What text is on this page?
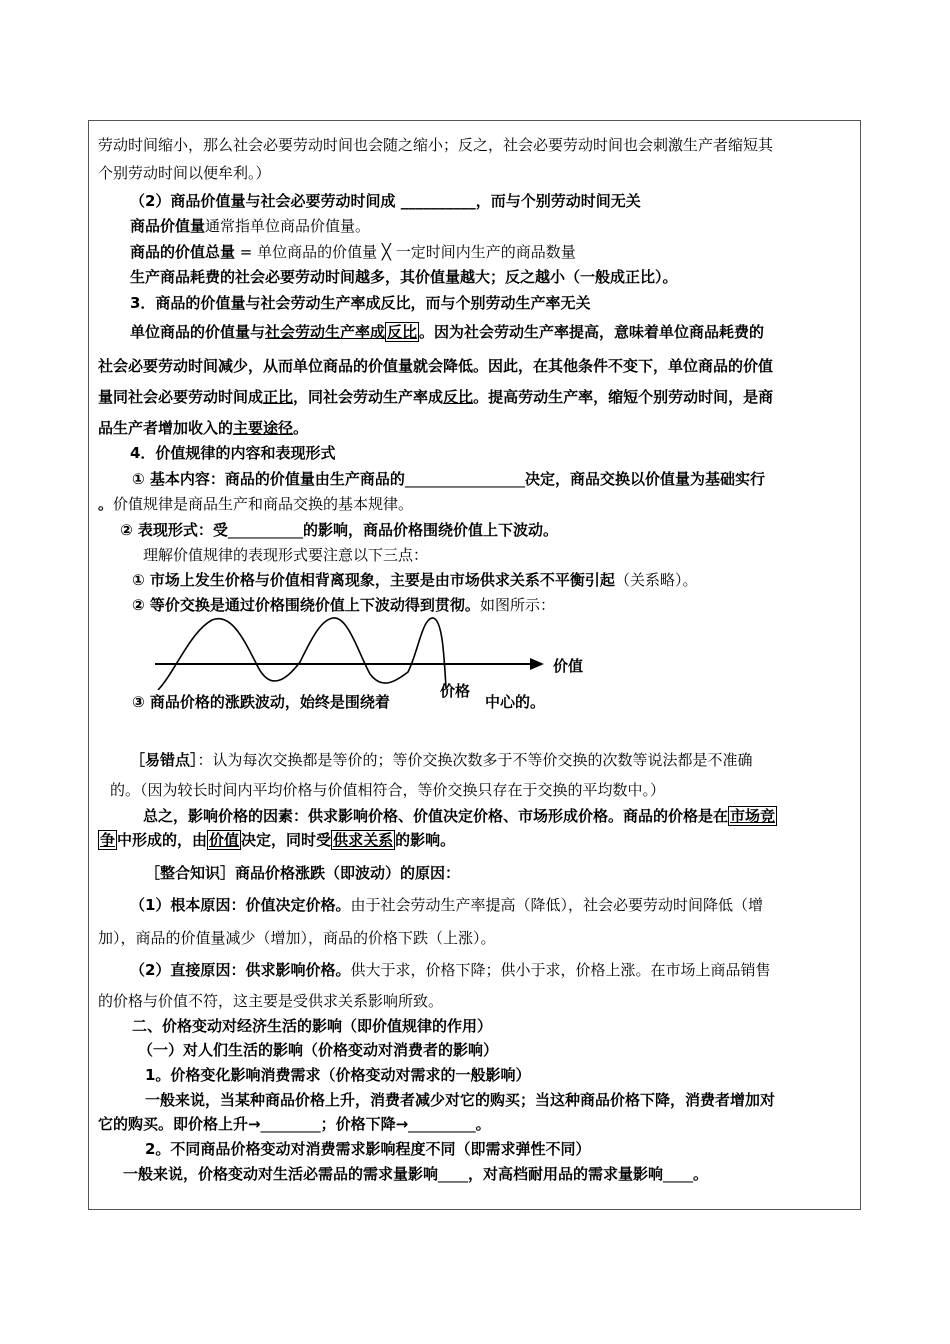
劳动时间缩小，那么社会必要劳动时间也会随之缩小；反之，社会必要劳动时间也会刺激生产者缩短其
个别劳动时间以便牟利。）
（2）商品价值量与社会必要劳动时间成 __________，而与个别劳动时间无关
商品价值量通常指单位商品价值量。
商品的价值总量 = 单位商品的价值量 ╳ 一定时间内生产的商品数量
生产商品耗费的社会必要劳动时间越多，其价值量越大；反之越小（一般成正比）。
3．商品的价值量与社会劳动生产率成反比，而与个别劳动生产率无关
单位商品的价值量与社会劳动生产率成 反比 。因为社会劳动生产率提高，意味着单位商品耗费的
社会必要劳动时间减少，从而单位商品的价值量就会降低。因此，在其他条件不变下，单位商品的价值
量同社会必要劳动时间成正比，同社会劳动生产率成反比。提高劳动生产率，缩短个别劳动时间，是商
品生产者增加收入的主要途径。
4．价值规律的内容和表现形式
① 基本内容：商品的价值量由生产商品的________________决定，商品交换以价值量为基础实行
。价值规律是商品生产和商品交换的基本规律。
② 表现形式：受__________的影响，商品价格围绕价值上下波动。
理解价值规律的表现形式要注意以下三点：
① 市场上发生价格与价值相背离现象，主要是由市场供求关系不平衡引起（关系略）。
② 等价交换是通过价格围绕价值上下波动得到贯彻。如图所示：
价值
价格
③ 商品价格的涨跌波动，始终是围绕着	中心的。
［易错点］：认为每次交换都是等价的；等价交换次数多于不等价交换的次数等说法都是不准确
的。（因为较长时间内平均价格与价值相符合，等价交换只存在于交换的平均数中。）
总之，影响价格的因素：供求影响价格、价值决定价格、市场形成价格。商品的价格是在 市场竞
争 中形成的，由 价值 决定，同时受 供求关系 的影响。
［整合知识］商品价格涨跌（即波动）的原因：
（1）根本原因：价值决定价格。由于社会劳动生产率提高（降低），社会必要劳动时间降低（增
加），商品的价值量减少（增加），商品的价格下跌（上涨）。
（2）直接原因：供求影响价格。供大于求，价格下降；供小于求，价格上涨。在市场上商品销售
的价格与价值不符，这主要是受供求关系影响所致。
二、价格变动对经济生活的影响（即价值规律的作用）
（一）对人们生活的影响（价格变动对消费者的影响）
1。价格变化影响消费需求（价格变动对需求的一般影响）
一般来说，当某种商品价格上升，消费者减少对它的购买；当这种商品价格下降，消费者增加对
它的购买。即价格上升→________；价格下降→_________。
2。不同商品价格变动对消费需求影响程度不同（即需求弹性不同）
一般来说，价格变动对生活必需品的需求量影响____，对高档耐用品的需求量影响____。
